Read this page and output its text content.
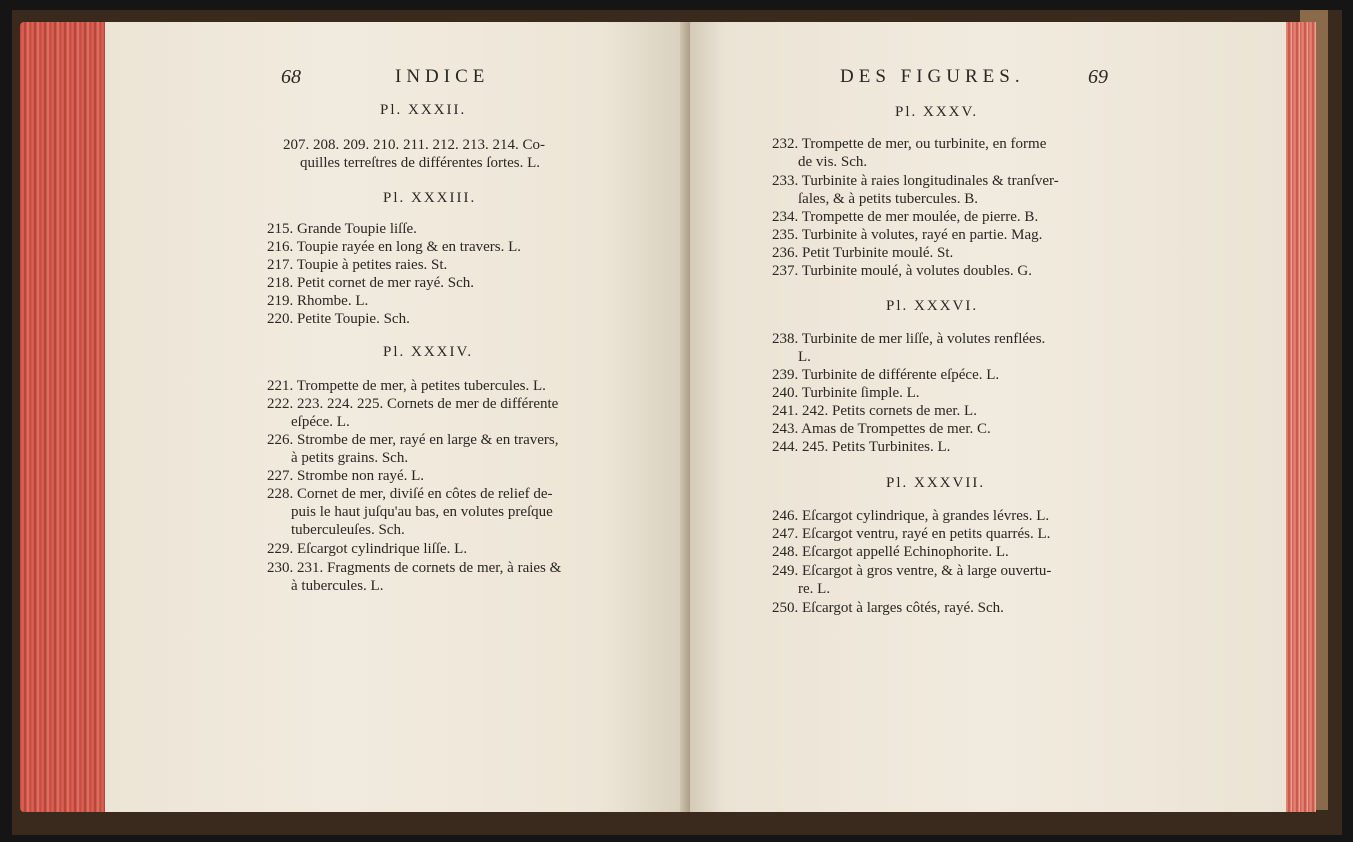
68	INDICE
Pl. XXXII.
207. 208. 209. 210. 211. 212. 213. 214. Co-
quilles terreſtres de différentes ſortes. L.
Pl. XXXIII.
215. Grande Toupie liſſe.
216. Toupie rayée en long & en travers. L.
217. Toupie à petites raies. St.
218. Petit cornet de mer rayé. Sch.
219. Rhombe. L.
220. Petite Toupie. Sch.
Pl. XXXIV.
221. Trompette de mer, à petites tubercules. L.
222. 223. 224. 225. Cornets de mer de différente
eſpéce. L.
226. Strombe de mer, rayé en large & en travers,
à petits grains. Sch.
227. Strombe non rayé. L.
228. Cornet de mer, diviſé en côtes de relief de-
puis le haut juſqu'au bas, en volutes preſque
tuberculeuſes. Sch.
229. Eſcargot cylindrique liſſe. L.
230. 231. Fragments de cornets de mer, à raies &
à tubercules. L.
DES FIGURES.	69
Pl. XXXV.
232. Trompette de mer, ou turbinite, en forme
de vis. Sch.
233. Turbinite à raies longitudinales & tranſver-
ſales, & à petits tubercules. B.
234. Trompette de mer moulée, de pierre. B.
235. Turbinite à volutes, rayé en partie. Mag.
236. Petit Turbinite moulé. St.
237. Turbinite moulé, à volutes doubles. G.
Pl. XXXVI.
238. Turbinite de mer liſſe, à volutes renflées.
L.
239. Turbinite de différente eſpéce. L.
240. Turbinite ſimple. L.
241. 242. Petits cornets de mer. L.
243. Amas de Trompettes de mer. C.
244. 245. Petits Turbinites. L.
Pl. XXXVII.
246. Eſcargot cylindrique, à grandes lévres. L.
247. Eſcargot ventru, rayé en petits quarrés. L.
248. Eſcargot appellé Echinophorite. L.
249. Eſcargot à gros ventre, & à large ouvertu-
re. L.
250. Eſcargot à larges côtés, rayé. Sch.
